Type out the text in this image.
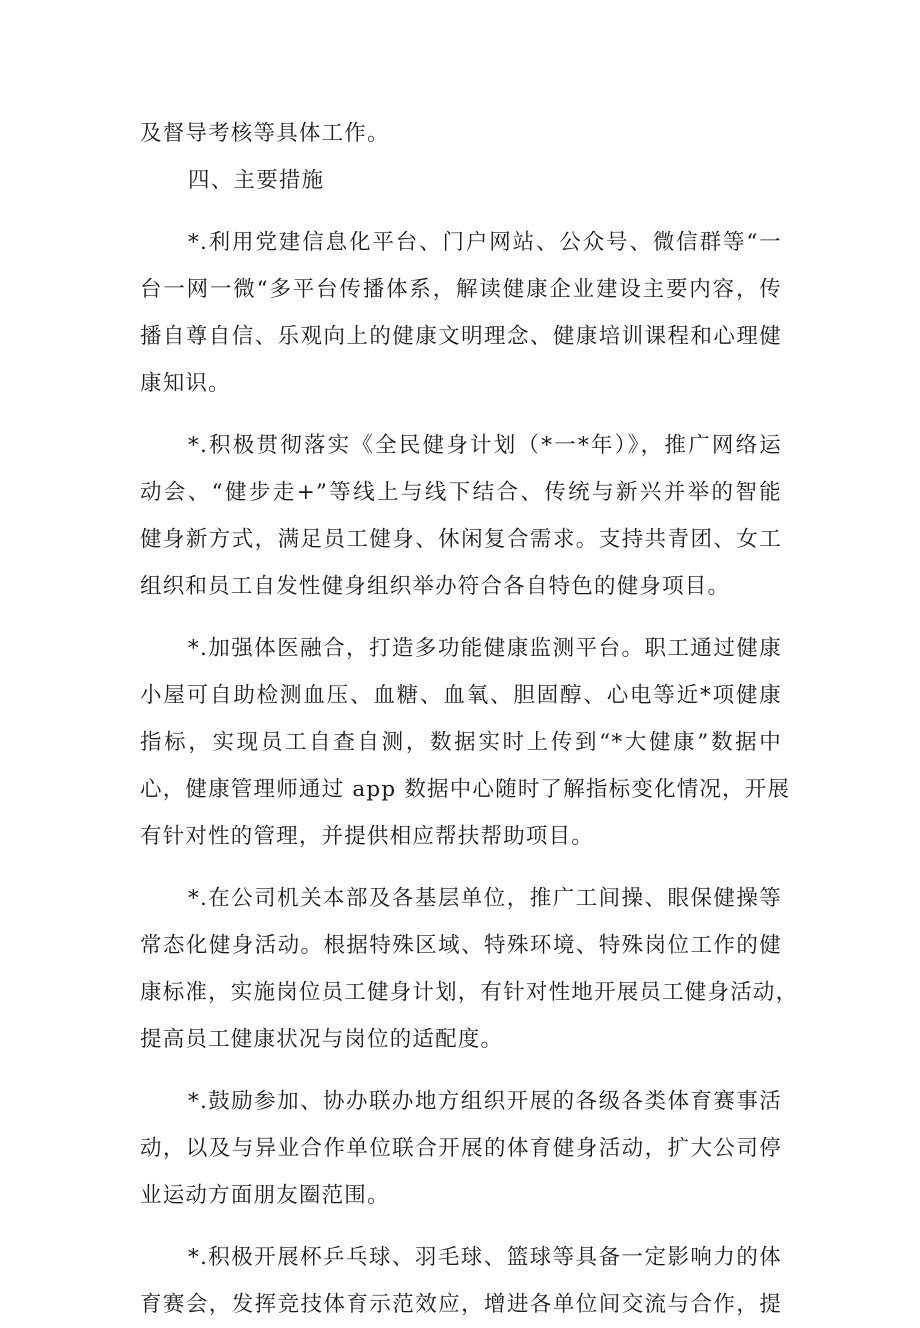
及督导考核等具体工作。
四、主要措施
*.利用党建信息化平台、门户网站、公众号、微信群等“一
台一网一微“多平台传播体系，解读健康企业建设主要内容，传
播自尊自信、乐观向上的健康文明理念、健康培训课程和心理健
康知识。
*.积极贯彻落实《全民健身计划（*一*年）》，推广网络运
动会、“健步走+”等线上与线下结合、传统与新兴并举的智能
健身新方式，满足员工健身、休闲复合需求。支持共青团、女工
组织和员工自发性健身组织举办符合各自特色的健身项目。
*.加强体医融合，打造多功能健康监测平台。职工通过健康
小屋可自助检测血压、血糖、血氧、胆固醇、心电等近*项健康
指标，实现员工自查自测，数据实时上传到“*大健康”数据中
心，健康管理师通过 app 数据中心随时了解指标变化情况，开展
有针对性的管理，并提供相应帮扶帮助项目。
*.在公司机关本部及各基层单位，推广工间操、眼保健操等
常态化健身活动。根据特殊区域、特殊环境、特殊岗位工作的健
康标准，实施岗位员工健身计划，有针对性地开展员工健身活动，
提高员工健康状况与岗位的适配度。
*.鼓励参加、协办联办地方组织开展的各级各类体育赛事活
动，以及与异业合作单位联合开展的体育健身活动，扩大公司停
业运动方面朋友圈范围。
*.积极开展杯乒乓球、羽毛球、篮球等具备一定影响力的体
育赛会，发挥竞技体育示范效应，增进各单位间交流与合作，提
